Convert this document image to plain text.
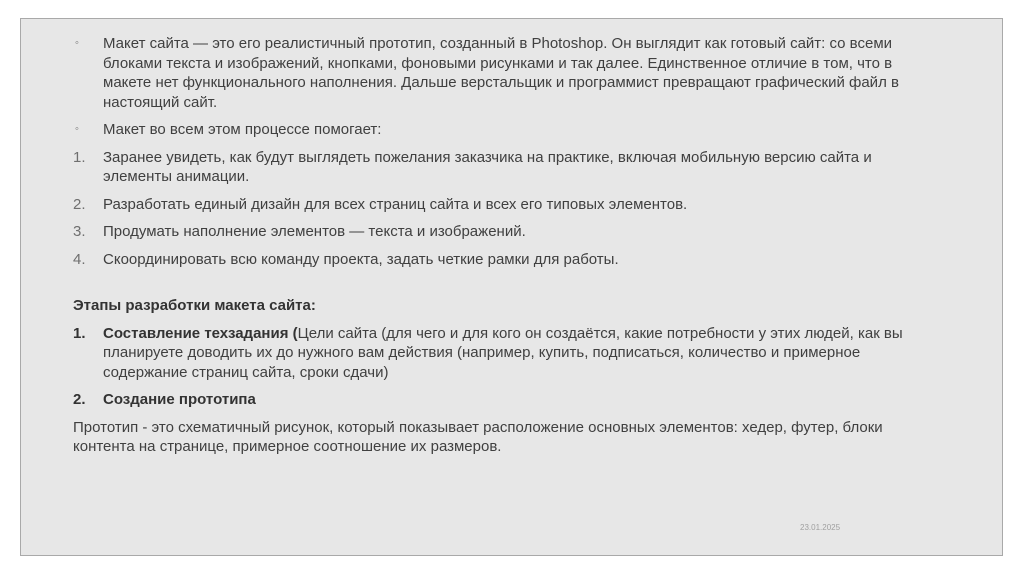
◦ Макет сайта — это его реалистичный прототип, созданный в Photoshop. Он выглядит как готовый сайт: со всеми блоками текста и изображений, кнопками, фоновыми рисунками и так далее. Единственное отличие в том, что в макете нет функционального наполнения. Дальше верстальщик и программист превращают графический файл в настоящий сайт.
◦ Макет во всем этом процессе помогает:
1. Заранее увидеть, как будут выглядеть пожелания заказчика на практике, включая мобильную версию сайта и элементы анимации.
2. Разработать единый дизайн для всех страниц сайта и всех его типовых элементов.
3. Продумать наполнение элементов — текста и изображений.
4. Скоординировать всю команду проекта, задать четкие рамки для работы.
Этапы разработки макета сайта:
1. Составление техзадания (Цели сайта (для чего и для кого он создаётся, какие потребности у этих людей, как вы планируете доводить их до нужного вам действия (например, купить, подписаться, количество и примерное содержание страниц сайта, сроки сдачи)
2. Создание прототипа
Прототип - это схематичный рисунок, который показывает расположение основных элементов: хедер, футер, блоки контента на странице, примерное соотношение их размеров.
23.01.2025
